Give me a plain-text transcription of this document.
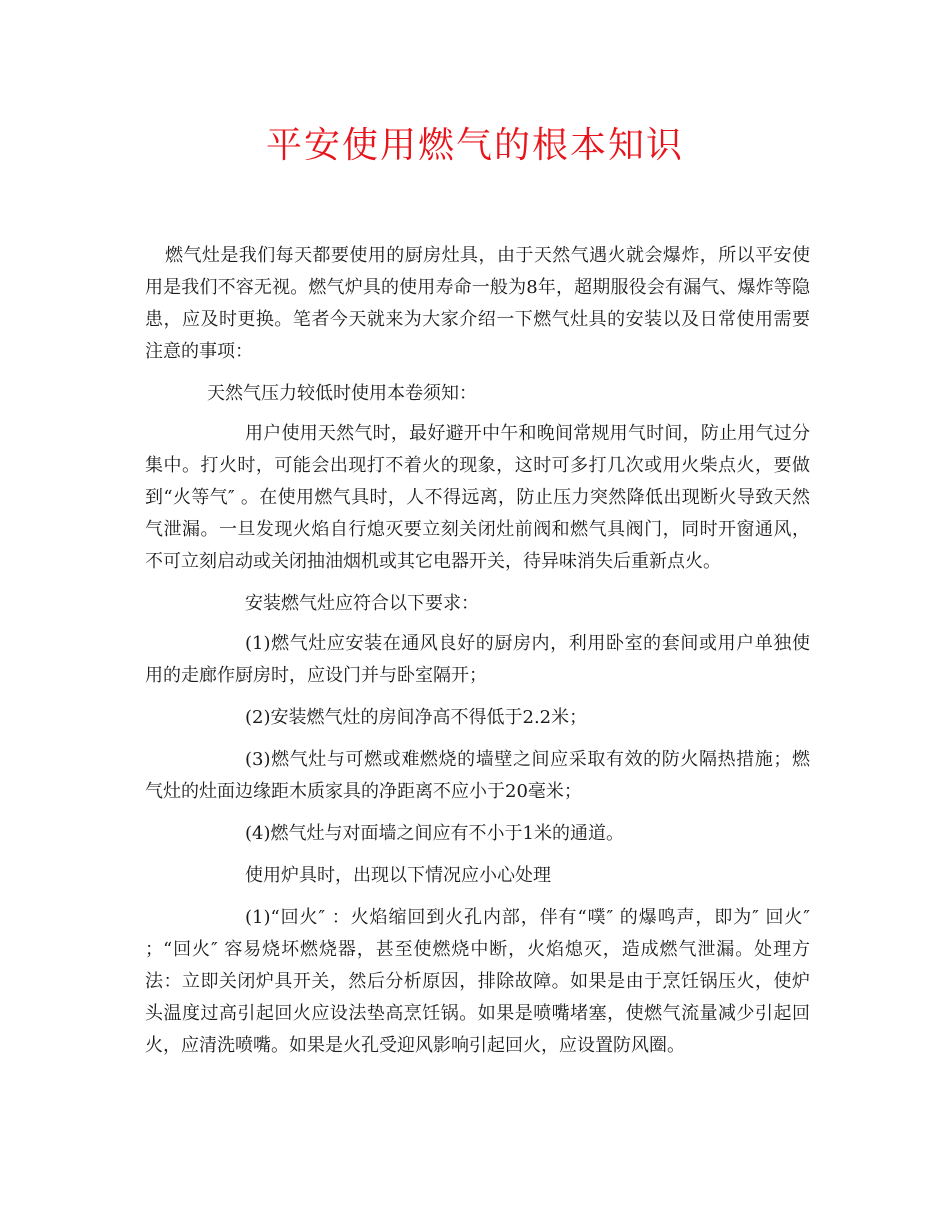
平安使用燃气的根本知识

燃气灶是我们每天都要使用的厨房灶具，由于天然气遇火就会爆炸，所以平安使用是我们不容无视。燃气炉具的使用寿命一般为8年，超期服役会有漏气、爆炸等隐患，应及时更换。笔者今天就来为大家介绍一下燃气灶具的安装以及日常使用需要注意的事项：

天然气压力较低时使用本卷须知：

用户使用天然气时，最好避开中午和晚间常规用气时间，防止用气过分集中。打火时，可能会出现打不着火的现象，这时可多打几次或用火柴点火，要做到“火等气″ 。在使用燃气具时，人不得远离，防止压力突然降低出现断火导致天然气泄漏。一旦发现火焰自行熄灭要立刻关闭灶前阀和燃气具阀门，同时开窗通风，不可立刻启动或关闭抽油烟机或其它电器开关，待异味消失后重新点火。

安装燃气灶应符合以下要求：

(1)燃气灶应安装在通风良好的厨房内，利用卧室的套间或用户单独使用的走廊作厨房时，应设门并与卧室隔开；

(2)安装燃气灶的房间净高不得低于2.2米；

(3)燃气灶与可燃或难燃烧的墙壁之间应采取有效的防火隔热措施；燃气灶的灶面边缘距木质家具的净距离不应小于20毫米；

(4)燃气灶与对面墙之间应有不小于1米的通道。

使用炉具时，出现以下情况应小心处理

(1)“回火″ ：火焰缩回到火孔内部，伴有“噗″ 的爆鸣声，即为″ 回火″ ；“回火″ 容易烧坏燃烧器，甚至使燃烧中断，火焰熄灭，造成燃气泄漏。处理方法：立即关闭炉具开关，然后分析原因，排除故障。如果是由于烹饪锅压火，使炉头温度过高引起回火应设法垫高烹饪锅。如果是喷嘴堵塞，使燃气流量减少引起回火，应清洗喷嘴。如果是火孔受迎风影响引起回火，应设置防风圈。
